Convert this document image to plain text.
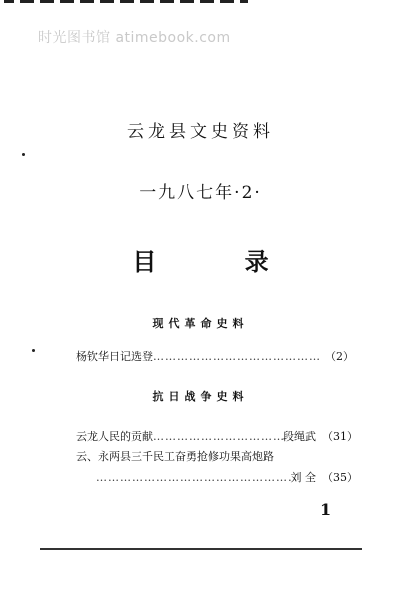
时光图书馆 atimebook.com
云龙县文史资料
一九八七年·2·
目 录
现代革命史料
杨钦华日记选登 …………………………………………………………………………………………………………………	（2）
抗日战争史料
云龙人民的贡献 …………………………………………………………………………………………………………………	段绳武 （31）
云、永两县三千民工奋勇抢修功果高炮路
…………………………………………………………………………………………………………………
刘 全 （35）
1
